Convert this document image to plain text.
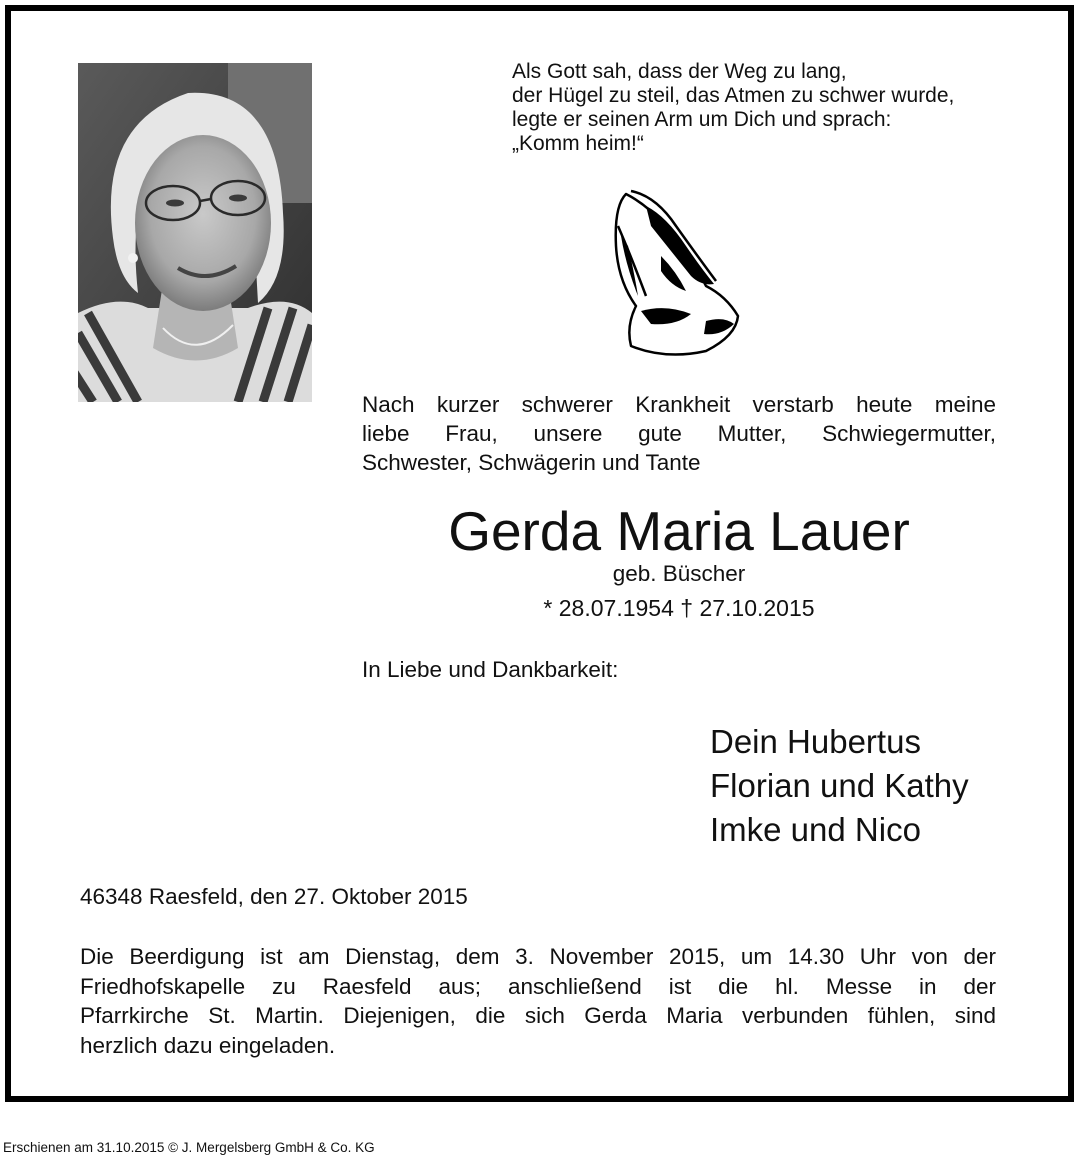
Als Gott sah, dass der Weg zu lang,
der Hügel zu steil, das Atmen zu schwer wurde,
legte er seinen Arm um Dich und sprach:
„Komm heim!“
Nach kurzer schwerer Krankheit verstarb heute meine
liebe Frau, unsere gute Mutter, Schwiegermutter,
Schwester, Schwägerin und Tante
Gerda Maria Lauer
geb. Büscher
* 28.07.1954 † 27.10.2015
In Liebe und Dankbarkeit:
Dein Hubertus
Florian und Kathy
Imke und Nico
46348 Raesfeld, den 27. Oktober 2015
Die Beerdigung ist am Dienstag, dem 3. November 2015, um 14.30 Uhr von der
Friedhofskapelle zu Raesfeld aus; anschließend ist die hl. Messe in der
Pfarrkirche St. Martin. Diejenigen, die sich Gerda Maria verbunden fühlen, sind
herzlich dazu eingeladen.
Erschienen am 31.10.2015 © J. Mergelsberg GmbH & Co. KG
